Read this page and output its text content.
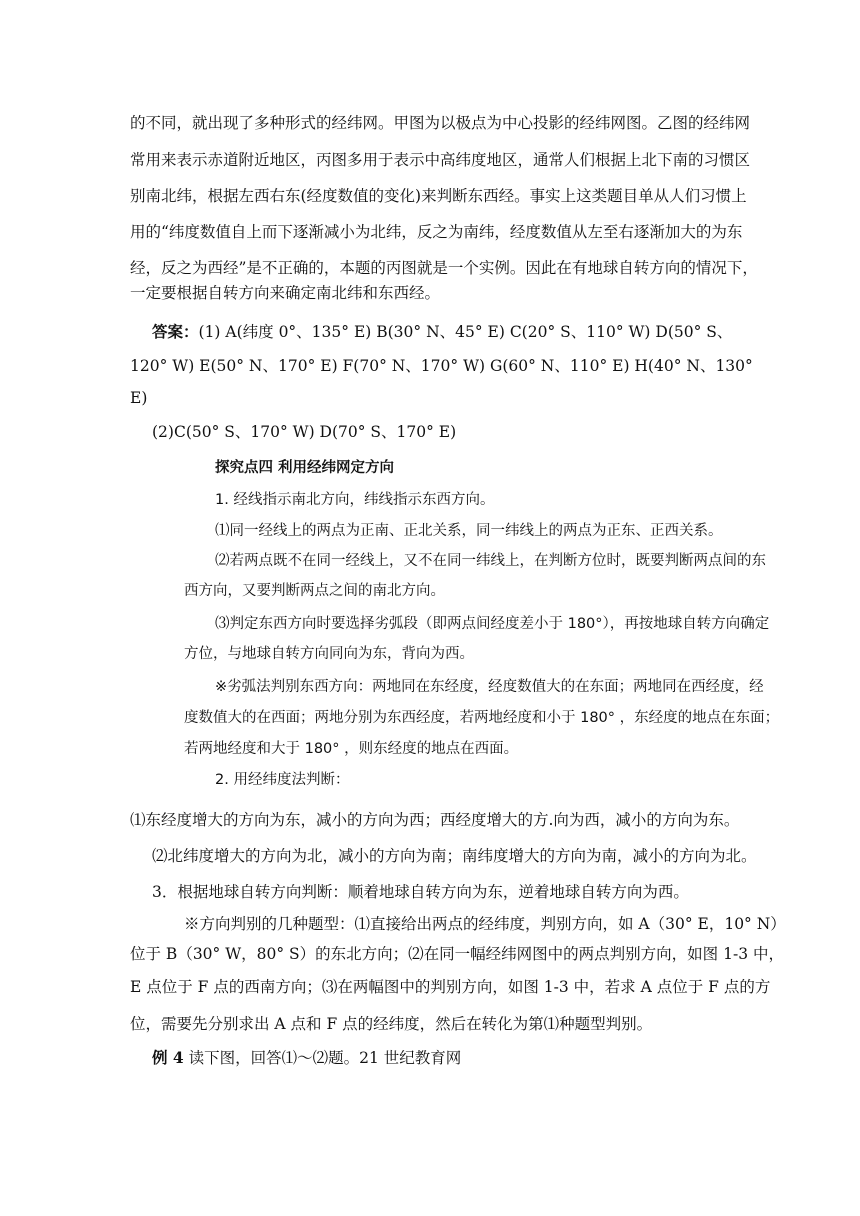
的不同，就出现了多种形式的经纬网。甲图为以极点为中心投影的经纬网图。乙图的经纬网
常用来表示赤道附近地区，丙图多用于表示中高纬度地区，通常人们根据上北下南的习惯区
别南北纬，根据左西右东(经度数值的变化)来判断东西经。事实上这类题目单从人们习惯上
用的“纬度数值自上而下逐渐减小为北纬，反之为南纬，经度数值从左至右逐渐加大的为东
经，反之为西经”是不正确的，本题的丙图就是一个实例。因此在有地球自转方向的情况下，
一定要根据自转方向来确定南北纬和东西经。
答案：(1) A(纬度 0°、135° E) B(30° N、45° E) C(20° S、110° W) D(50° S、
120° W) E(50° N、170° E) F(70° N、170° W) G(60° N、110° E) H(40° N、130°
E)
(2)C(50° S、170° W) D(70° S、170° E)
探究点四 利用经纬网定方向
1. 经线指示南北方向，纬线指示东西方向。
⑴同一经线上的两点为正南、正北关系，同一纬线上的两点为正东、正西关系。
⑵若两点既不在同一经线上，又不在同一纬线上，在判断方位时，既要判断两点间的东
西方向，又要判断两点之间的南北方向。
⑶判定东西方向时要选择劣弧段（即两点间经度差小于 180°），再按地球自转方向确定
方位，与地球自转方向同向为东，背向为西。
※劣弧法判别东西方向：两地同在东经度，经度数值大的在东面；两地同在西经度，经
度数值大的在西面；两地分别为东西经度，若两地经度和小于 180° ，东经度的地点在东面；
若两地经度和大于 180° ，则东经度的地点在西面。
2. 用经纬度法判断：
⑴东经度增大的方向为东，减小的方向为西；西经度增大的方.向为西，减小的方向为东。
⑵北纬度增大的方向为北，减小的方向为南；南纬度增大的方向为南，减小的方向为北。
3．根据地球自转方向判断：顺着地球自转方向为东，逆着地球自转方向为西。
※方向判别的几种题型：⑴直接给出两点的经纬度，判别方向，如 A（30° E，10° N）
位于 B（30° W，80° S）的东北方向；⑵在同一幅经纬网图中的两点判别方向，如图 1-3 中，
E 点位于 F 点的西南方向；⑶在两幅图中的判别方向，如图 1-3 中，若求 A 点位于 F 点的方
位，需要先分别求出 A 点和 F 点的经纬度，然后在转化为第⑴种题型判别。
例 4 读下图，回答⑴～⑵题。21 世纪教育网
